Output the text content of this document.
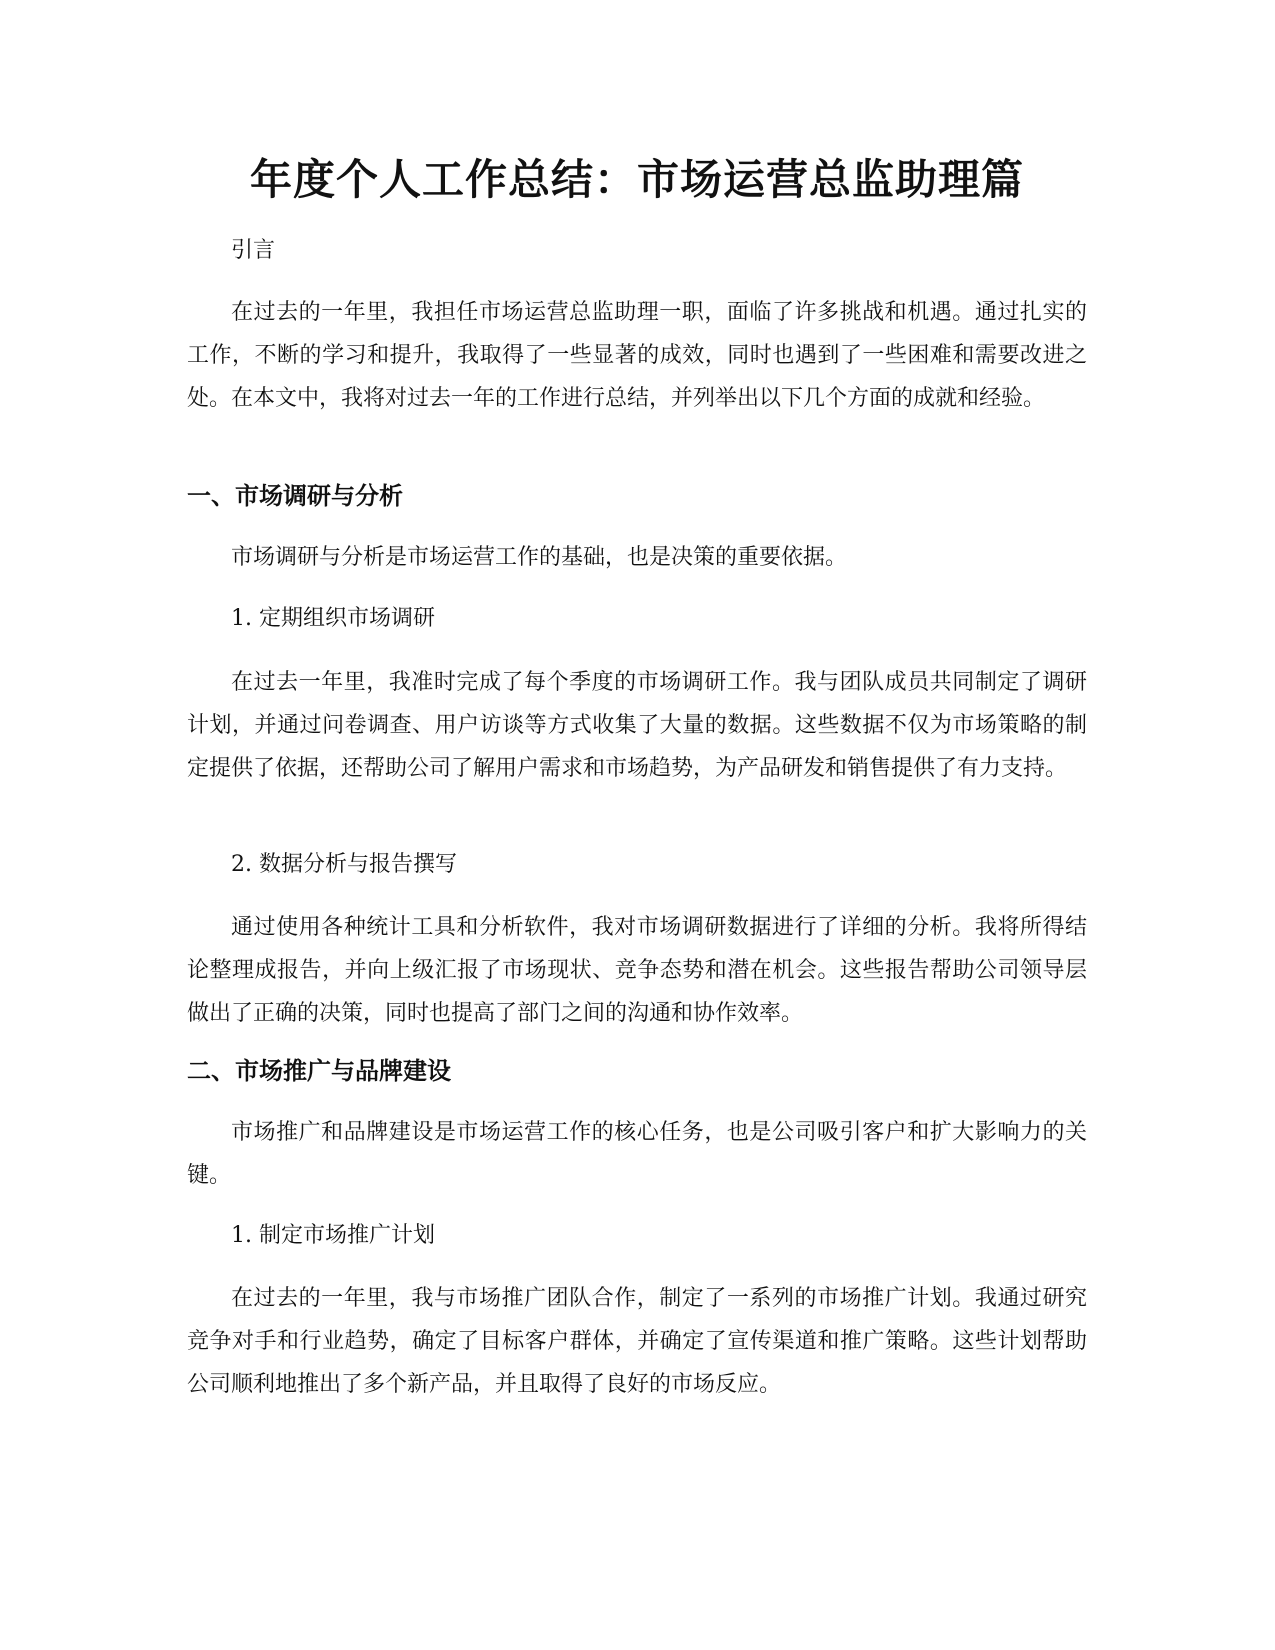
年度个人工作总结：市场运营总监助理篇

引言

在过去的一年里，我担任市场运营总监助理一职，面临了许多挑战和机遇。通过扎实的工作，不断的学习和提升，我取得了一些显著的成效，同时也遇到了一些困难和需要改进之处。在本文中，我将对过去一年的工作进行总结，并列举出以下几个方面的成就和经验。

一、市场调研与分析

市场调研与分析是市场运营工作的基础，也是决策的重要依据。

1. 定期组织市场调研

在过去一年里，我准时完成了每个季度的市场调研工作。我与团队成员共同制定了调研计划，并通过问卷调查、用户访谈等方式收集了大量的数据。这些数据不仅为市场策略的制定提供了依据，还帮助公司了解用户需求和市场趋势，为产品研发和销售提供了有力支持。

2. 数据分析与报告撰写

通过使用各种统计工具和分析软件，我对市场调研数据进行了详细的分析。我将所得结论整理成报告，并向上级汇报了市场现状、竞争态势和潜在机会。这些报告帮助公司领导层做出了正确的决策，同时也提高了部门之间的沟通和协作效率。

二、市场推广与品牌建设

市场推广和品牌建设是市场运营工作的核心任务，也是公司吸引客户和扩大影响力的关键。

1. 制定市场推广计划

在过去的一年里，我与市场推广团队合作，制定了一系列的市场推广计划。我通过研究竞争对手和行业趋势，确定了目标客户群体，并确定了宣传渠道和推广策略。这些计划帮助公司顺利地推出了多个新产品，并且取得了良好的市场反应。
